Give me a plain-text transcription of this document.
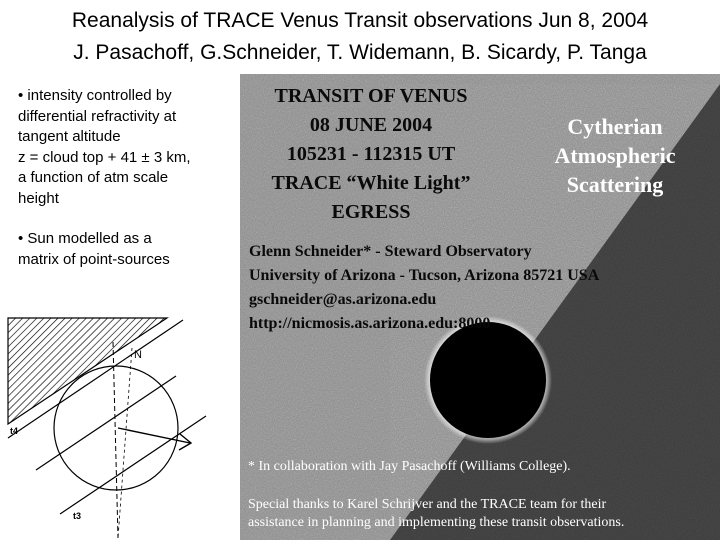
Reanalysis of TRACE Venus Transit observations Jun 8, 2004
J. Pasachoff, G.Schneider, T. Widemann, B. Sicardy, P. Tanga

• intensity controlled by
differential refractivity at
tangent altitude
z = cloud top + 41 ± 3 km,
a function of atm scale
height

• Sun modelled as a
matrix of point-sources

N
t4
t3
TRANSIT OF VENUS
08 JUNE 2004
105231 - 112315 UT
TRACE “White Light”
EGRESS
Cytherian
Atmospheric
Scattering
Glenn Schneider* - Steward Observatory
University of Arizona - Tucson, Arizona 85721 USA
gschneider@as.arizona.edu
http://nicmosis.as.arizona.edu:8000
* In collaboration with Jay Pasachoff (Williams College).
Special thanks to Karel Schrijver and the TRACE team for their
assistance in planning and implementing these transit observations.
